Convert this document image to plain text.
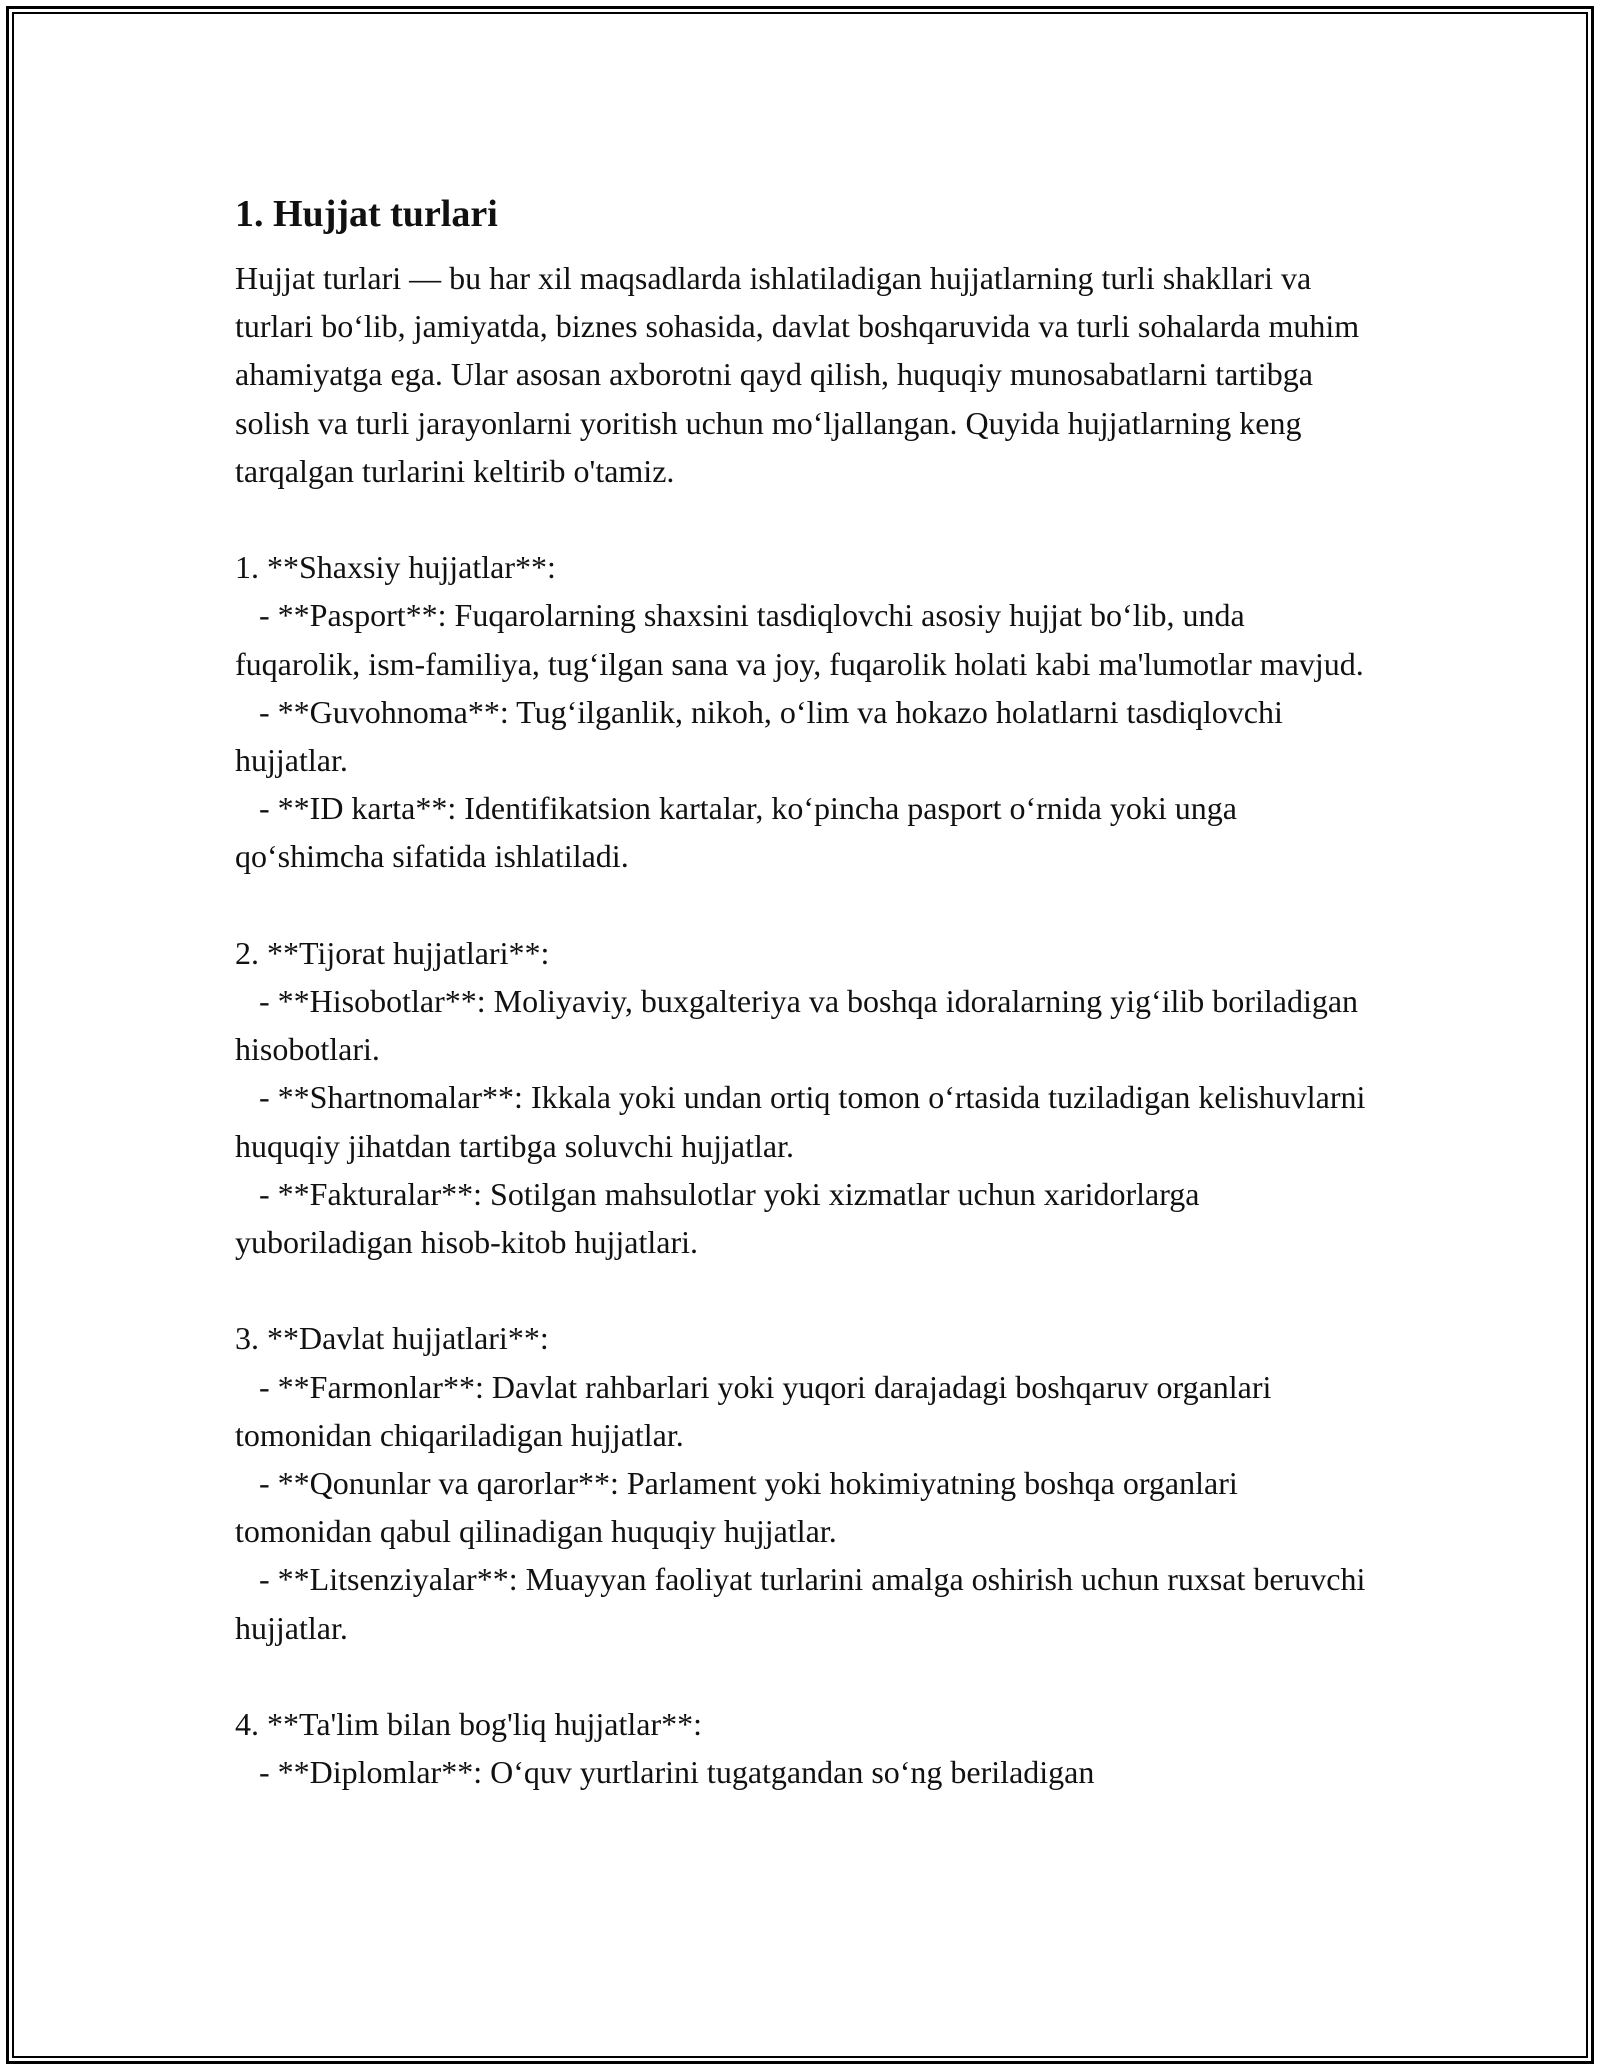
1. Hujjat turlari

Hujjat turlari — bu har xil maqsadlarda ishlatiladigan hujjatlarning turli shakllari va turlari bo‘lib, jamiyatda, biznes sohasida, davlat boshqaruvida va turli sohalarda muhim ahamiyatga ega. Ular asosan axborotni qayd qilish, huquqiy munosabatlarni tartibga solish va turli jarayonlarni yoritish uchun mo‘ljallangan. Quyida hujjatlarning keng tarqalgan turlarini keltirib o'tamiz.

1. **Shaxsiy hujjatlar**:

- **Pasport**: Fuqarolarning shaxsini tasdiqlovchi asosiy hujjat bo‘lib, unda fuqarolik, ism-familiya, tug‘ilgan sana va joy, fuqarolik holati kabi ma'lumotlar mavjud.

- **Guvohnoma**: Tug‘ilganlik, nikoh, o‘lim va hokazo holatlarni tasdiqlovchi hujjatlar.

- **ID karta**: Identifikatsion kartalar, ko‘pincha pasport o‘rnida yoki unga qo‘shimcha sifatida ishlatiladi.

2. **Tijorat hujjatlari**:

- **Hisobotlar**: Moliyaviy, buxgalteriya va boshqa idoralarning yig‘ilib boriladigan hisobotlari.

- **Shartnomalar**: Ikkala yoki undan ortiq tomon o‘rtasida tuziladigan kelishuvlarni huquqiy jihatdan tartibga soluvchi hujjatlar.

- **Fakturalar**: Sotilgan mahsulotlar yoki xizmatlar uchun xaridorlarga yuboriladigan hisob-kitob hujjatlari.

3. **Davlat hujjatlari**:

- **Farmonlar**: Davlat rahbarlari yoki yuqori darajadagi boshqaruv organlari tomonidan chiqariladigan hujjatlar.

- **Qonunlar va qarorlar**: Parlament yoki hokimiyatning boshqa organlari tomonidan qabul qilinadigan huquqiy hujjatlar.

- **Litsenziyalar**: Muayyan faoliyat turlarini amalga oshirish uchun ruxsat beruvchi hujjatlar.

4. **Ta'lim bilan bog'liq hujjatlar**:

- **Diplomlar**: O‘quv yurtlarini tugatgandan so‘ng beriladigan
